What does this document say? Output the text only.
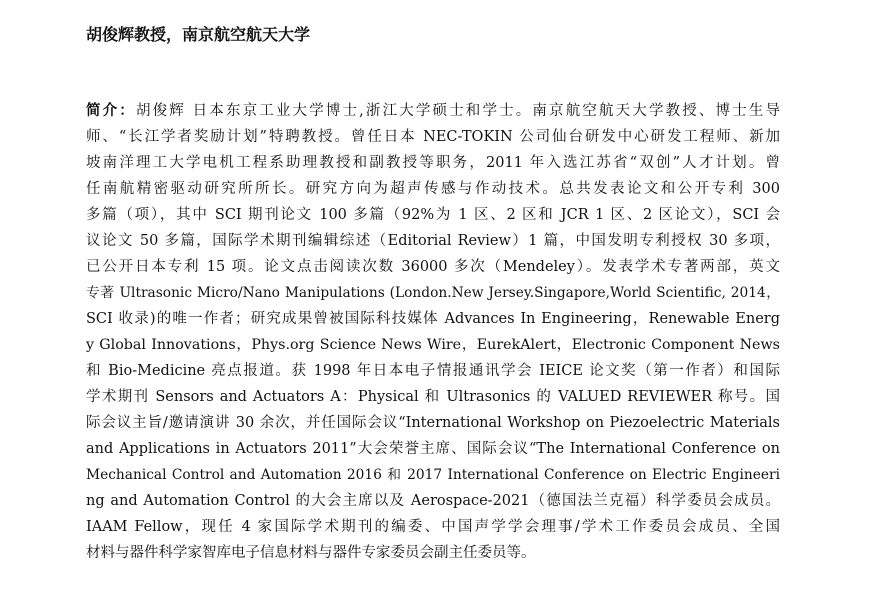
胡俊辉教授，南京航空航天大学
简介：胡俊辉 日本东京工业大学博士,浙江大学硕士和学士。南京航空航天大学教授、博士生导
师、“长江学者奖励计划”特聘教授。曾任日本 NEC-TOKIN 公司仙台研发中心研发工程师、新加
坡南洋理工大学电机工程系助理教授和副教授等职务，2011 年入选江苏省“双创”人才计划。曾
任南航精密驱动研究所所长。研究方向为超声传感与作动技术。总共发表论文和公开专利 300
多篇（项），其中 SCI 期刊论文 100 多篇（92%为 1 区、2 区和 JCR 1 区、2 区论文），SCI 会
议论文 50 多篇，国际学术期刊编辑综述（Editorial Review）1 篇，中国发明专利授权 30 多项，
已公开日本专利 15 项。论文点击阅读次数 36000 多次（Mendeley）。发表学术专著两部，英文
专著 Ultrasonic Micro/Nano Manipulations (London.New Jersey.Singapore,World Scientific, 2014，
SCI 收录)的唯一作者；研究成果曾被国际科技媒体 Advances In Engineering，Renewable Energ
y Global Innovations，Phys.org Science News Wire，EurekAlert，Electronic Component News
和 Bio-Medicine 亮点报道。获 1998 年日本电子情报通讯学会 IEICE 论文奖（第一作者）和国际
学术期刊 Sensors and Actuators A：Physical 和 Ultrasonics 的 VALUED REVIEWER 称号。国
际会议主旨/邀请演讲 30 余次，并任国际会议“International Workshop on Piezoelectric Materials
and Applications in Actuators 2011”大会荣誉主席、国际会议“The International Conference on
Mechanical Control and Automation 2016 和 2017 International Conference on Electric Engineeri
ng and Automation Control 的大会主席以及 Aerospace-2021（德国法兰克福）科学委员会成员。
IAAM Fellow，现任 4 家国际学术期刊的编委、中国声学学会理事/学术工作委员会成员、全国
材料与器件科学家智库电子信息材料与器件专家委员会副主任委员等。
